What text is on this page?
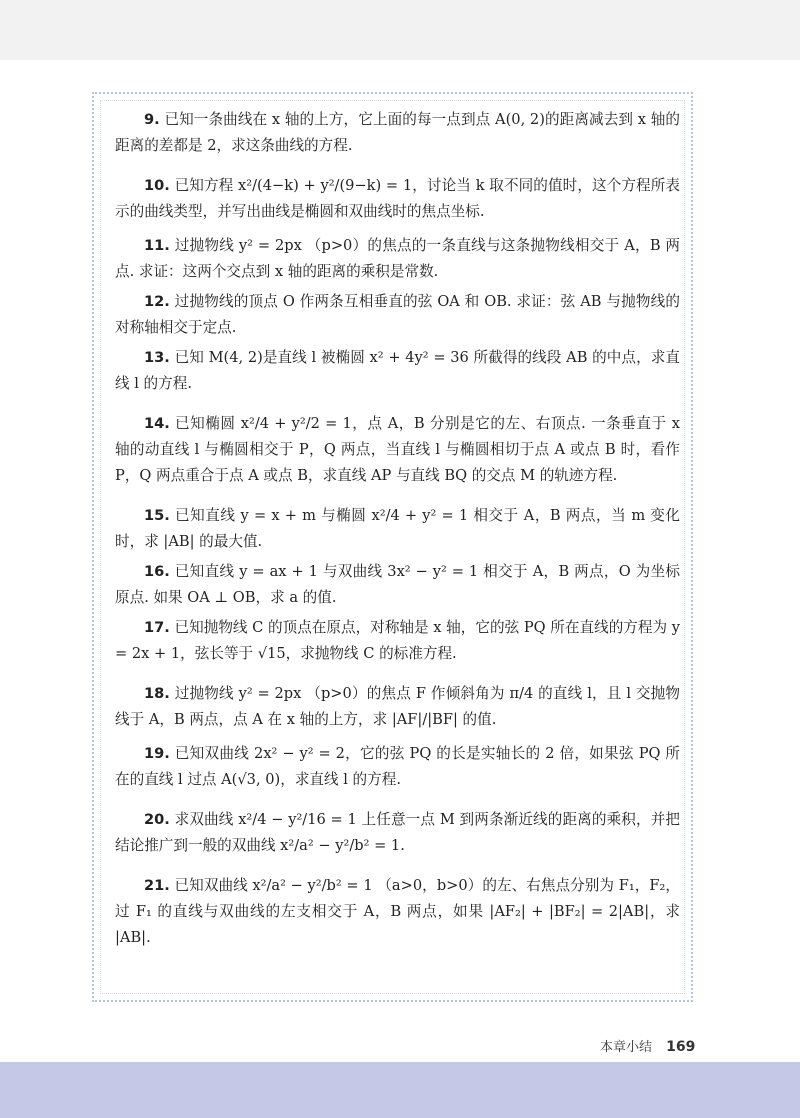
9. 已知一条曲线在 x 轴的上方，它上面的每一点到点 A(0, 2)的距离减去到 x 轴的距离的差都是 2，求这条曲线的方程.

10. 已知方程 x²/(4−k) + y²/(9−k) = 1，讨论当 k 取不同的值时，这个方程所表示的曲线类型，并写出曲线是椭圆和双曲线时的焦点坐标.

11. 过抛物线 y² = 2px （p>0）的焦点的一条直线与这条抛物线相交于 A，B 两点. 求证：这两个交点到 x 轴的距离的乘积是常数.

12. 过抛物线的顶点 O 作两条互相垂直的弦 OA 和 OB. 求证：弦 AB 与抛物线的对称轴相交于定点.

13. 已知 M(4, 2)是直线 l 被椭圆 x² + 4y² = 36 所截得的线段 AB 的中点，求直线 l 的方程.

14. 已知椭圆 x²/4 + y²/2 = 1，点 A，B 分别是它的左、右顶点. 一条垂直于 x 轴的动直线 l 与椭圆相交于 P，Q 两点，当直线 l 与椭圆相切于点 A 或点 B 时，看作 P，Q 两点重合于点 A 或点 B，求直线 AP 与直线 BQ 的交点 M 的轨迹方程.

15. 已知直线 y = x + m 与椭圆 x²/4 + y² = 1 相交于 A，B 两点，当 m 变化时，求 |AB| 的最大值.

16. 已知直线 y = ax + 1 与双曲线 3x² − y² = 1 相交于 A，B 两点，O 为坐标原点. 如果 OA ⊥ OB，求 a 的值.

17. 已知抛物线 C 的顶点在原点，对称轴是 x 轴，它的弦 PQ 所在直线的方程为 y = 2x + 1，弦长等于 √15，求抛物线 C 的标准方程.

18. 过抛物线 y² = 2px （p>0）的焦点 F 作倾斜角为 π/4 的直线 l，且 l 交抛物线于 A，B 两点，点 A 在 x 轴的上方，求 |AF|/|BF| 的值.

19. 已知双曲线 2x² − y² = 2，它的弦 PQ 的长是实轴长的 2 倍，如果弦 PQ 所在的直线 l 过点 A(√3, 0)，求直线 l 的方程.

20. 求双曲线 x²/4 − y²/16 = 1 上任意一点 M 到两条渐近线的距离的乘积，并把结论推广到一般的双曲线 x²/a² − y²/b² = 1.

21. 已知双曲线 x²/a² − y²/b² = 1 （a>0，b>0）的左、右焦点分别为 F₁，F₂，过 F₁ 的直线与双曲线的左支相交于 A，B 两点，如果 |AF₂| + |BF₂| = 2|AB|，求 |AB|.

本章小结 169
